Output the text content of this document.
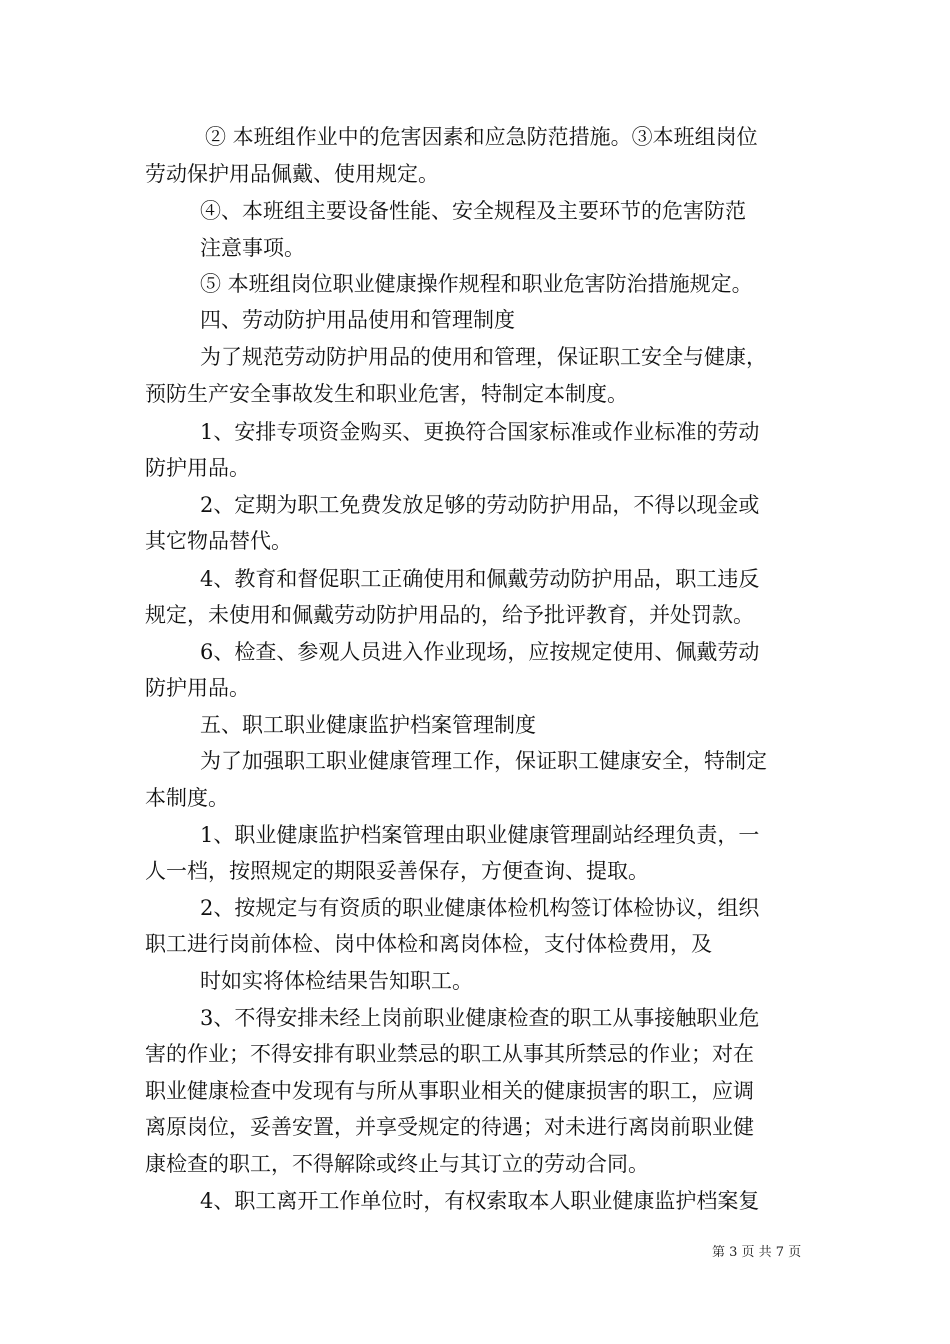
② 本班组作业中的危害因素和应急防范措施。③本班组岗位

劳动保护用品佩戴、使用规定。

④、本班组主要设备性能、安全规程及主要环节的危害防范

注意事项。

⑤ 本班组岗位职业健康操作规程和职业危害防治措施规定。

四、劳动防护用品使用和管理制度

为了规范劳动防护用品的使用和管理，保证职工安全与健康，

预防生产安全事故发生和职业危害，特制定本制度。

1、安排专项资金购买、更换符合国家标准或作业标准的劳动

防护用品。

2、定期为职工免费发放足够的劳动防护用品，不得以现金或

其它物品替代。

4、教育和督促职工正确使用和佩戴劳动防护用品，职工违反

规定，未使用和佩戴劳动防护用品的，给予批评教育，并处罚款。

6、检查、参观人员进入作业现场，应按规定使用、佩戴劳动

防护用品。

五、职工职业健康监护档案管理制度

为了加强职工职业健康管理工作，保证职工健康安全，特制定

本制度。

1、职业健康监护档案管理由职业健康管理副站经理负责，一

人一档，按照规定的期限妥善保存，方便查询、提取。

2、按规定与有资质的职业健康体检机构签订体检协议，组织

职工进行岗前体检、岗中体检和离岗体检，支付体检费用，及

时如实将体检结果告知职工。

3、不得安排未经上岗前职业健康检查的职工从事接触职业危

害的作业；不得安排有职业禁忌的职工从事其所禁忌的作业；对在

职业健康检查中发现有与所从事职业相关的健康损害的职工，应调

离原岗位，妥善安置，并享受规定的待遇；对未进行离岗前职业健

康检查的职工，不得解除或终止与其订立的劳动合同。

4、职工离开工作单位时，有权索取本人职业健康监护档案复

第 3 页 共 7 页
